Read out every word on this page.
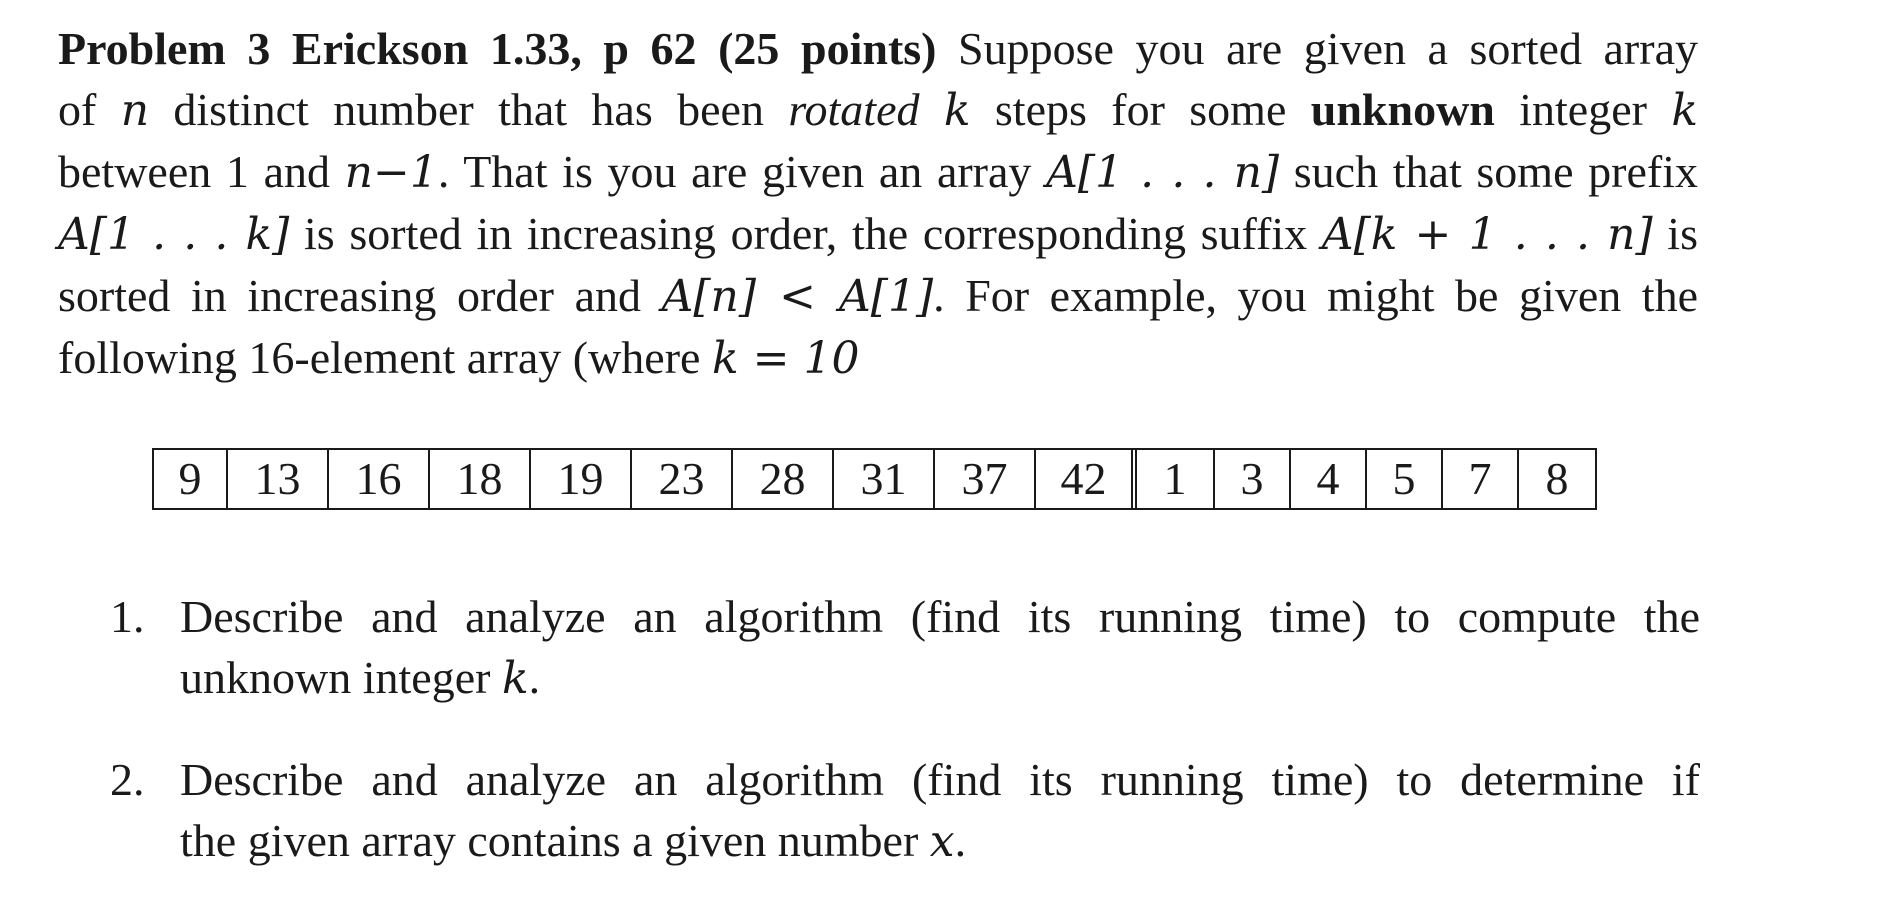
Problem 3 Erickson 1.33, p 62 (25 points) Suppose you are given a sorted array
of n distinct number that has been rotated k steps for some unknown integer k
between 1 and n−1. That is you are given an array A[1 . . . n] such that some prefix
A[1 . . . k] is sorted in increasing order, the corresponding suffix A[k + 1 . . . n] is
sorted in increasing order and A[n] < A[1]. For example, you might be given the
following 16-element array (where k = 10
9	13	16	18	19	23	28	31	37	42	1	3	4	5	7	8
1. Describe and analyze an algorithm (find its running time) to compute the
unknown integer k.
2. Describe and analyze an algorithm (find its running time) to determine if
the given array contains a given number x.
